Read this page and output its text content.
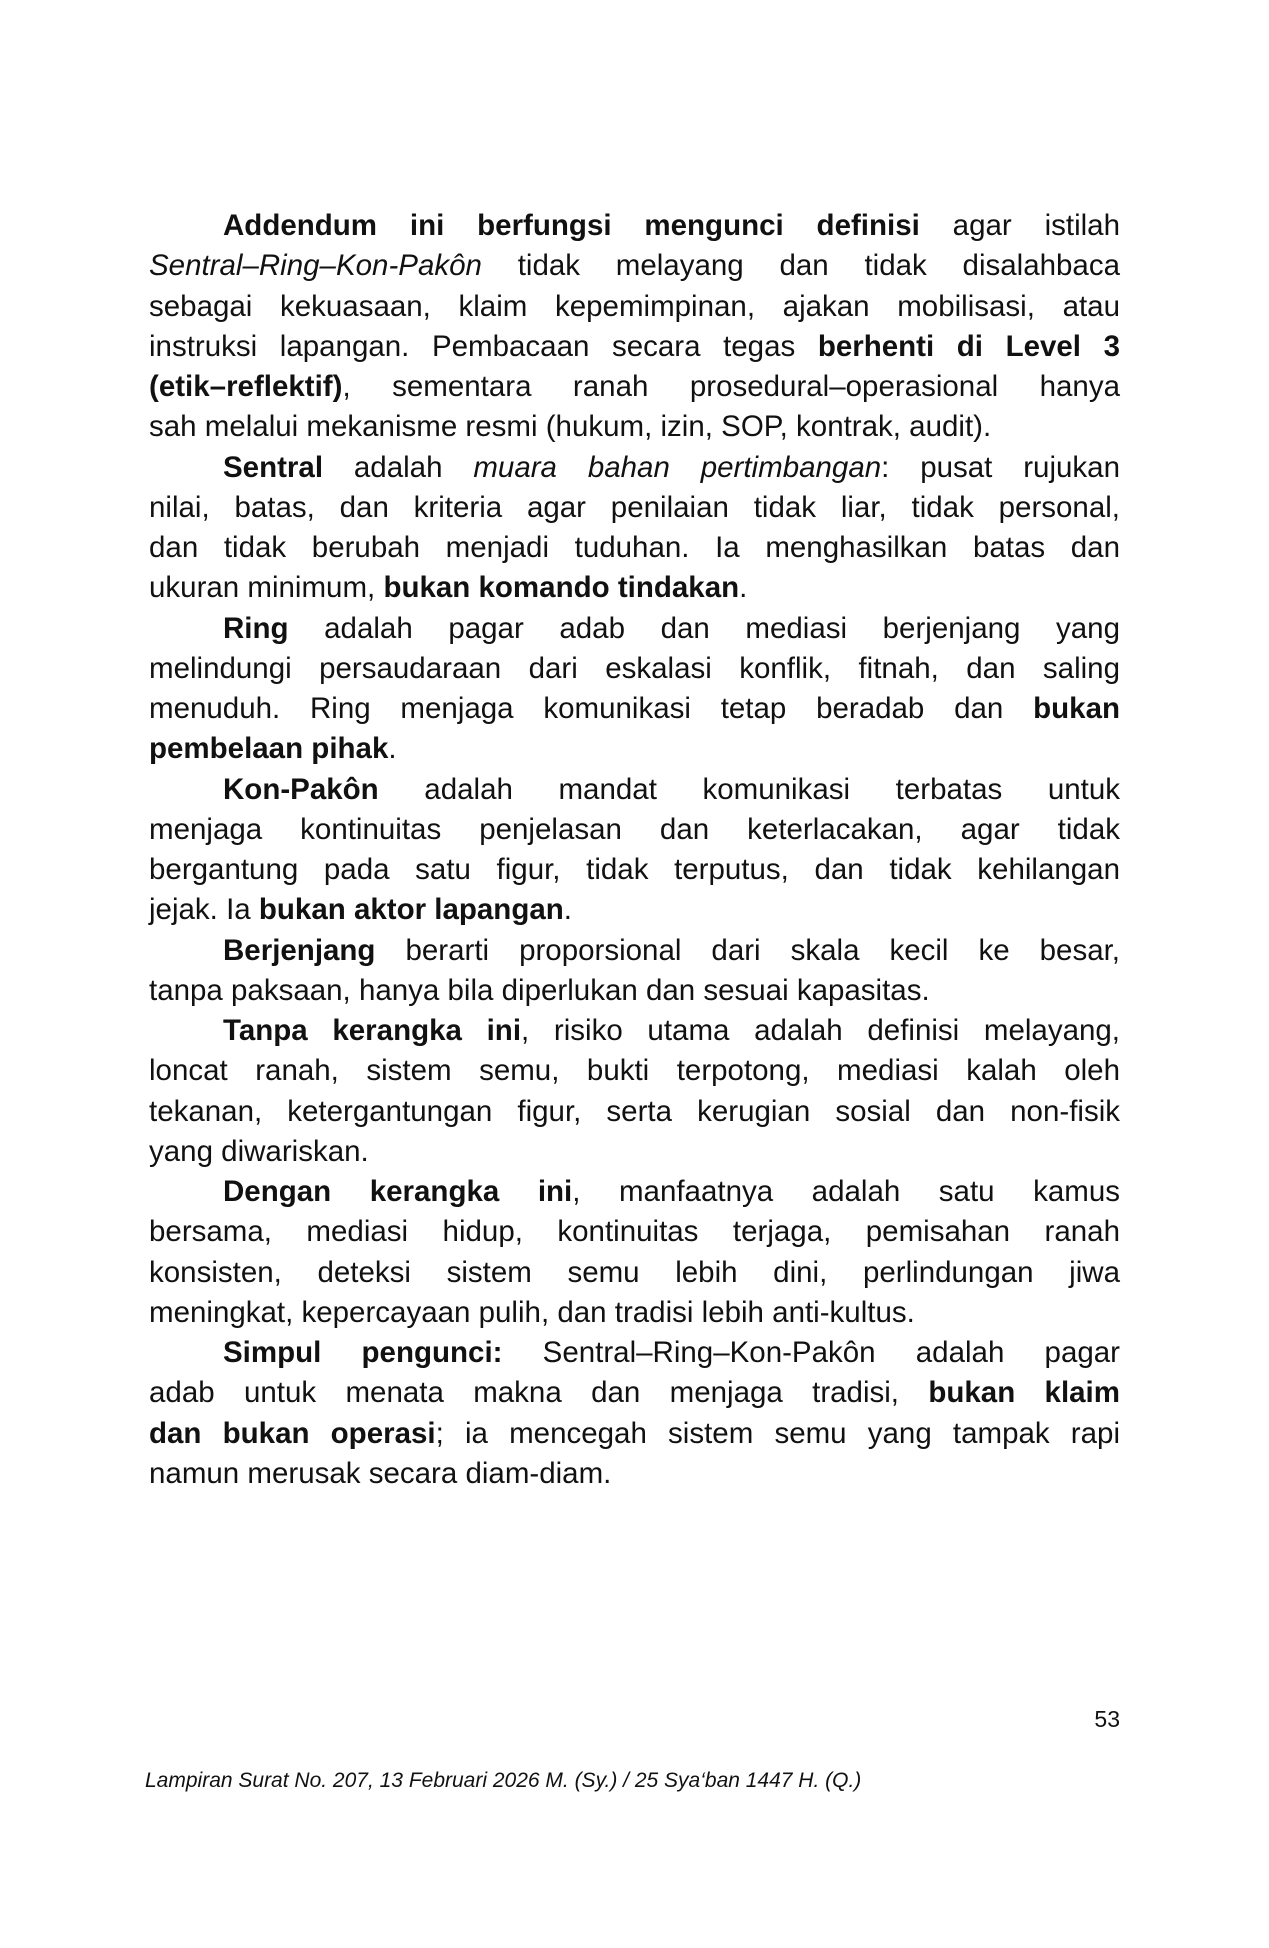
Addendum ini berfungsi mengunci definisi agar istilah
Sentral–Ring–Kon-Pakôn tidak melayang dan tidak disalahbaca
sebagai kekuasaan, klaim kepemimpinan, ajakan mobilisasi, atau
instruksi lapangan. Pembacaan secara tegas berhenti di Level 3
(etik–reflektif), sementara ranah prosedural–operasional hanya
sah melalui mekanisme resmi (hukum, izin, SOP, kontrak, audit).
Sentral adalah muara bahan pertimbangan: pusat rujukan
nilai, batas, dan kriteria agar penilaian tidak liar, tidak personal,
dan tidak berubah menjadi tuduhan. Ia menghasilkan batas dan
ukuran minimum, bukan komando tindakan.
Ring adalah pagar adab dan mediasi berjenjang yang
melindungi persaudaraan dari eskalasi konflik, fitnah, dan saling
menuduh. Ring menjaga komunikasi tetap beradab dan bukan
pembelaan pihak.
Kon-Pakôn adalah mandat komunikasi terbatas untuk
menjaga kontinuitas penjelasan dan keterlacakan, agar tidak
bergantung pada satu figur, tidak terputus, dan tidak kehilangan
jejak. Ia bukan aktor lapangan.
Berjenjang berarti proporsional dari skala kecil ke besar,
tanpa paksaan, hanya bila diperlukan dan sesuai kapasitas.
Tanpa kerangka ini, risiko utama adalah definisi melayang,
loncat ranah, sistem semu, bukti terpotong, mediasi kalah oleh
tekanan, ketergantungan figur, serta kerugian sosial dan non-fisik
yang diwariskan.
Dengan kerangka ini, manfaatnya adalah satu kamus
bersama, mediasi hidup, kontinuitas terjaga, pemisahan ranah
konsisten, deteksi sistem semu lebih dini, perlindungan jiwa
meningkat, kepercayaan pulih, dan tradisi lebih anti-kultus.
Simpul pengunci: Sentral–Ring–Kon-Pakôn adalah pagar
adab untuk menata makna dan menjaga tradisi, bukan klaim
dan bukan operasi; ia mencegah sistem semu yang tampak rapi
namun merusak secara diam-diam.
53
Lampiran Surat No. 207, 13 Februari 2026 M. (Sy.) / 25 Sya‘ban 1447 H. (Q.)
